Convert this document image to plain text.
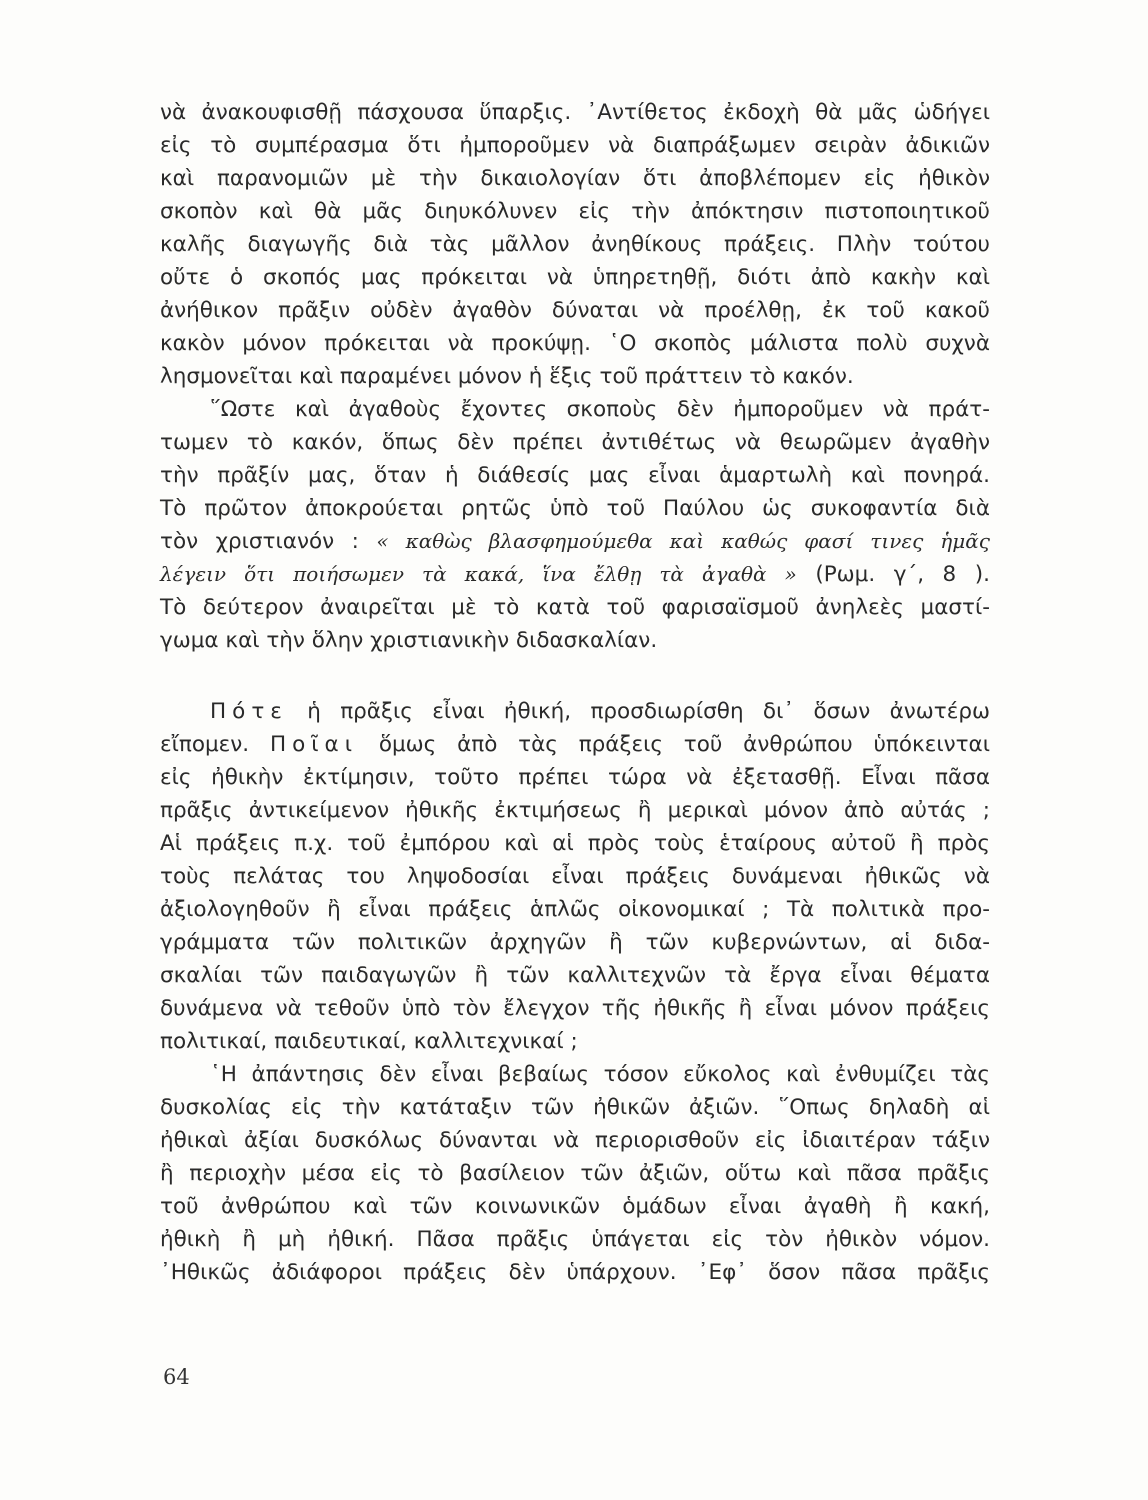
νὰ ἀνακουφισθῇ πάσχουσα ὕπαρξις. ᾿Αντίθετος ἐκδοχὴ θὰ μᾶς ὡδήγει
εἰς τὸ συμπέρασμα ὅτι ἠμποροῦμεν νὰ διαπράξωμεν σειρὰν ἀδικιῶν
καὶ παρανομιῶν μὲ τὴν δικαιολογίαν ὅτι ἀποβλέπομεν εἰς ἠθικὸν
σκοπὸν καὶ θὰ μᾶς διηυκόλυνεν εἰς τὴν ἀπόκτησιν πιστοποιητικοῦ
καλῆς διαγωγῆς διὰ τὰς μᾶλλον ἀνηθίκους πράξεις. Πλὴν τούτου
οὔτε ὁ σκοπός μας πρόκειται νὰ ὑπηρετηθῇ, διότι ἀπὸ κακὴν καὶ
ἀνήθικον πρᾶξιν οὐδὲν ἀγαθὸν δύναται νὰ προέλθῃ, ἐκ τοῦ κακοῦ
κακὸν μόνον πρόκειται νὰ προκύψῃ. ῾Ο σκοπὸς μάλιστα πολὺ συχνὰ
λησμονεῖται καὶ παραμένει μόνον ἡ ἕξις τοῦ πράττειν τὸ κακόν.
῞Ωστε καὶ ἀγαθοὺς ἔχοντες σκοποὺς δὲν ἠμποροῦμεν νὰ πράτ-
τωμεν τὸ κακόν, ὅπως δὲν πρέπει ἀντιθέτως νὰ θεωρῶμεν ἀγαθὴν
τὴν πρᾶξίν μας, ὅταν ἡ διάθεσίς μας εἶναι ἁμαρτωλὴ καὶ πονηρά.
Τὸ πρῶτον ἀποκρούεται ρητῶς ὑπὸ τοῦ Παύλου ὡς συκοφαντία διὰ
τὸν χριστιανόν : « καθὼς βλασφημούμεθα καὶ καθώς φασί τινες ἡμᾶς
λέγειν ὅτι ποιήσωμεν τὰ κακά, ἵνα ἔλθῃ τὰ ἀγαθὰ » (Ρωμ. γ΄, 8 ).
Τὸ δεύτερον ἀναιρεῖται μὲ τὸ κατὰ τοῦ φαρισαϊσμοῦ ἀνηλεὲς μαστί-
γωμα καὶ τὴν ὅλην χριστιανικὴν διδασκαλίαν.
Πότε ἡ πρᾶξις εἶναι ἠθική, προσδιωρίσθη δι᾿ ὅσων ἀνωτέρω
εἴπομεν. Ποῖαι ὅμως ἀπὸ τὰς πράξεις τοῦ ἀνθρώπου ὑπόκεινται
εἰς ἠθικὴν ἐκτίμησιν, τοῦτο πρέπει τώρα νὰ ἐξετασθῇ. Εἶναι πᾶσα
πρᾶξις ἀντικείμενον ἠθικῆς ἐκτιμήσεως ἢ μερικαὶ μόνον ἀπὸ αὐτάς ;
Αἱ πράξεις π.χ. τοῦ ἐμπόρου καὶ αἱ πρὸς τοὺς ἑταίρους αὐτοῦ ἢ πρὸς
τοὺς πελάτας του ληψοδοσίαι εἶναι πράξεις δυνάμεναι ἠθικῶς νὰ
ἀξιολογηθοῦν ἢ εἶναι πράξεις ἁπλῶς οἰκονομικαί ; Τὰ πολιτικὰ προ-
γράμματα τῶν πολιτικῶν ἀρχηγῶν ἢ τῶν κυβερνώντων, αἱ διδα-
σκαλίαι τῶν παιδαγωγῶν ἢ τῶν καλλιτεχνῶν τὰ ἔργα εἶναι θέματα
δυνάμενα νὰ τεθοῦν ὑπὸ τὸν ἔλεγχον τῆς ἠθικῆς ἢ εἶναι μόνον πράξεις
πολιτικαί, παιδευτικαί, καλλιτεχνικαί ;
῾Η ἀπάντησις δὲν εἶναι βεβαίως τόσον εὔκολος καὶ ἐνθυμίζει τὰς
δυσκολίας εἰς τὴν κατάταξιν τῶν ἠθικῶν ἀξιῶν. ῞Οπως δηλαδὴ αἱ
ἠθικαὶ ἀξίαι δυσκόλως δύνανται νὰ περιορισθοῦν εἰς ἰδιαιτέραν τάξιν
ἢ περιοχὴν μέσα εἰς τὸ βασίλειον τῶν ἀξιῶν, οὕτω καὶ πᾶσα πρᾶξις
τοῦ ἀνθρώπου καὶ τῶν κοινωνικῶν ὁμάδων εἶναι ἀγαθὴ ἢ κακή,
ἠθικὴ ἢ μὴ ἠθική. Πᾶσα πρᾶξις ὑπάγεται εἰς τὸν ἠθικὸν νόμον.
᾿Ηθικῶς ἀδιάφοροι πράξεις δὲν ὑπάρχουν. ᾿Εφ᾿ ὅσον πᾶσα πρᾶξις
64
